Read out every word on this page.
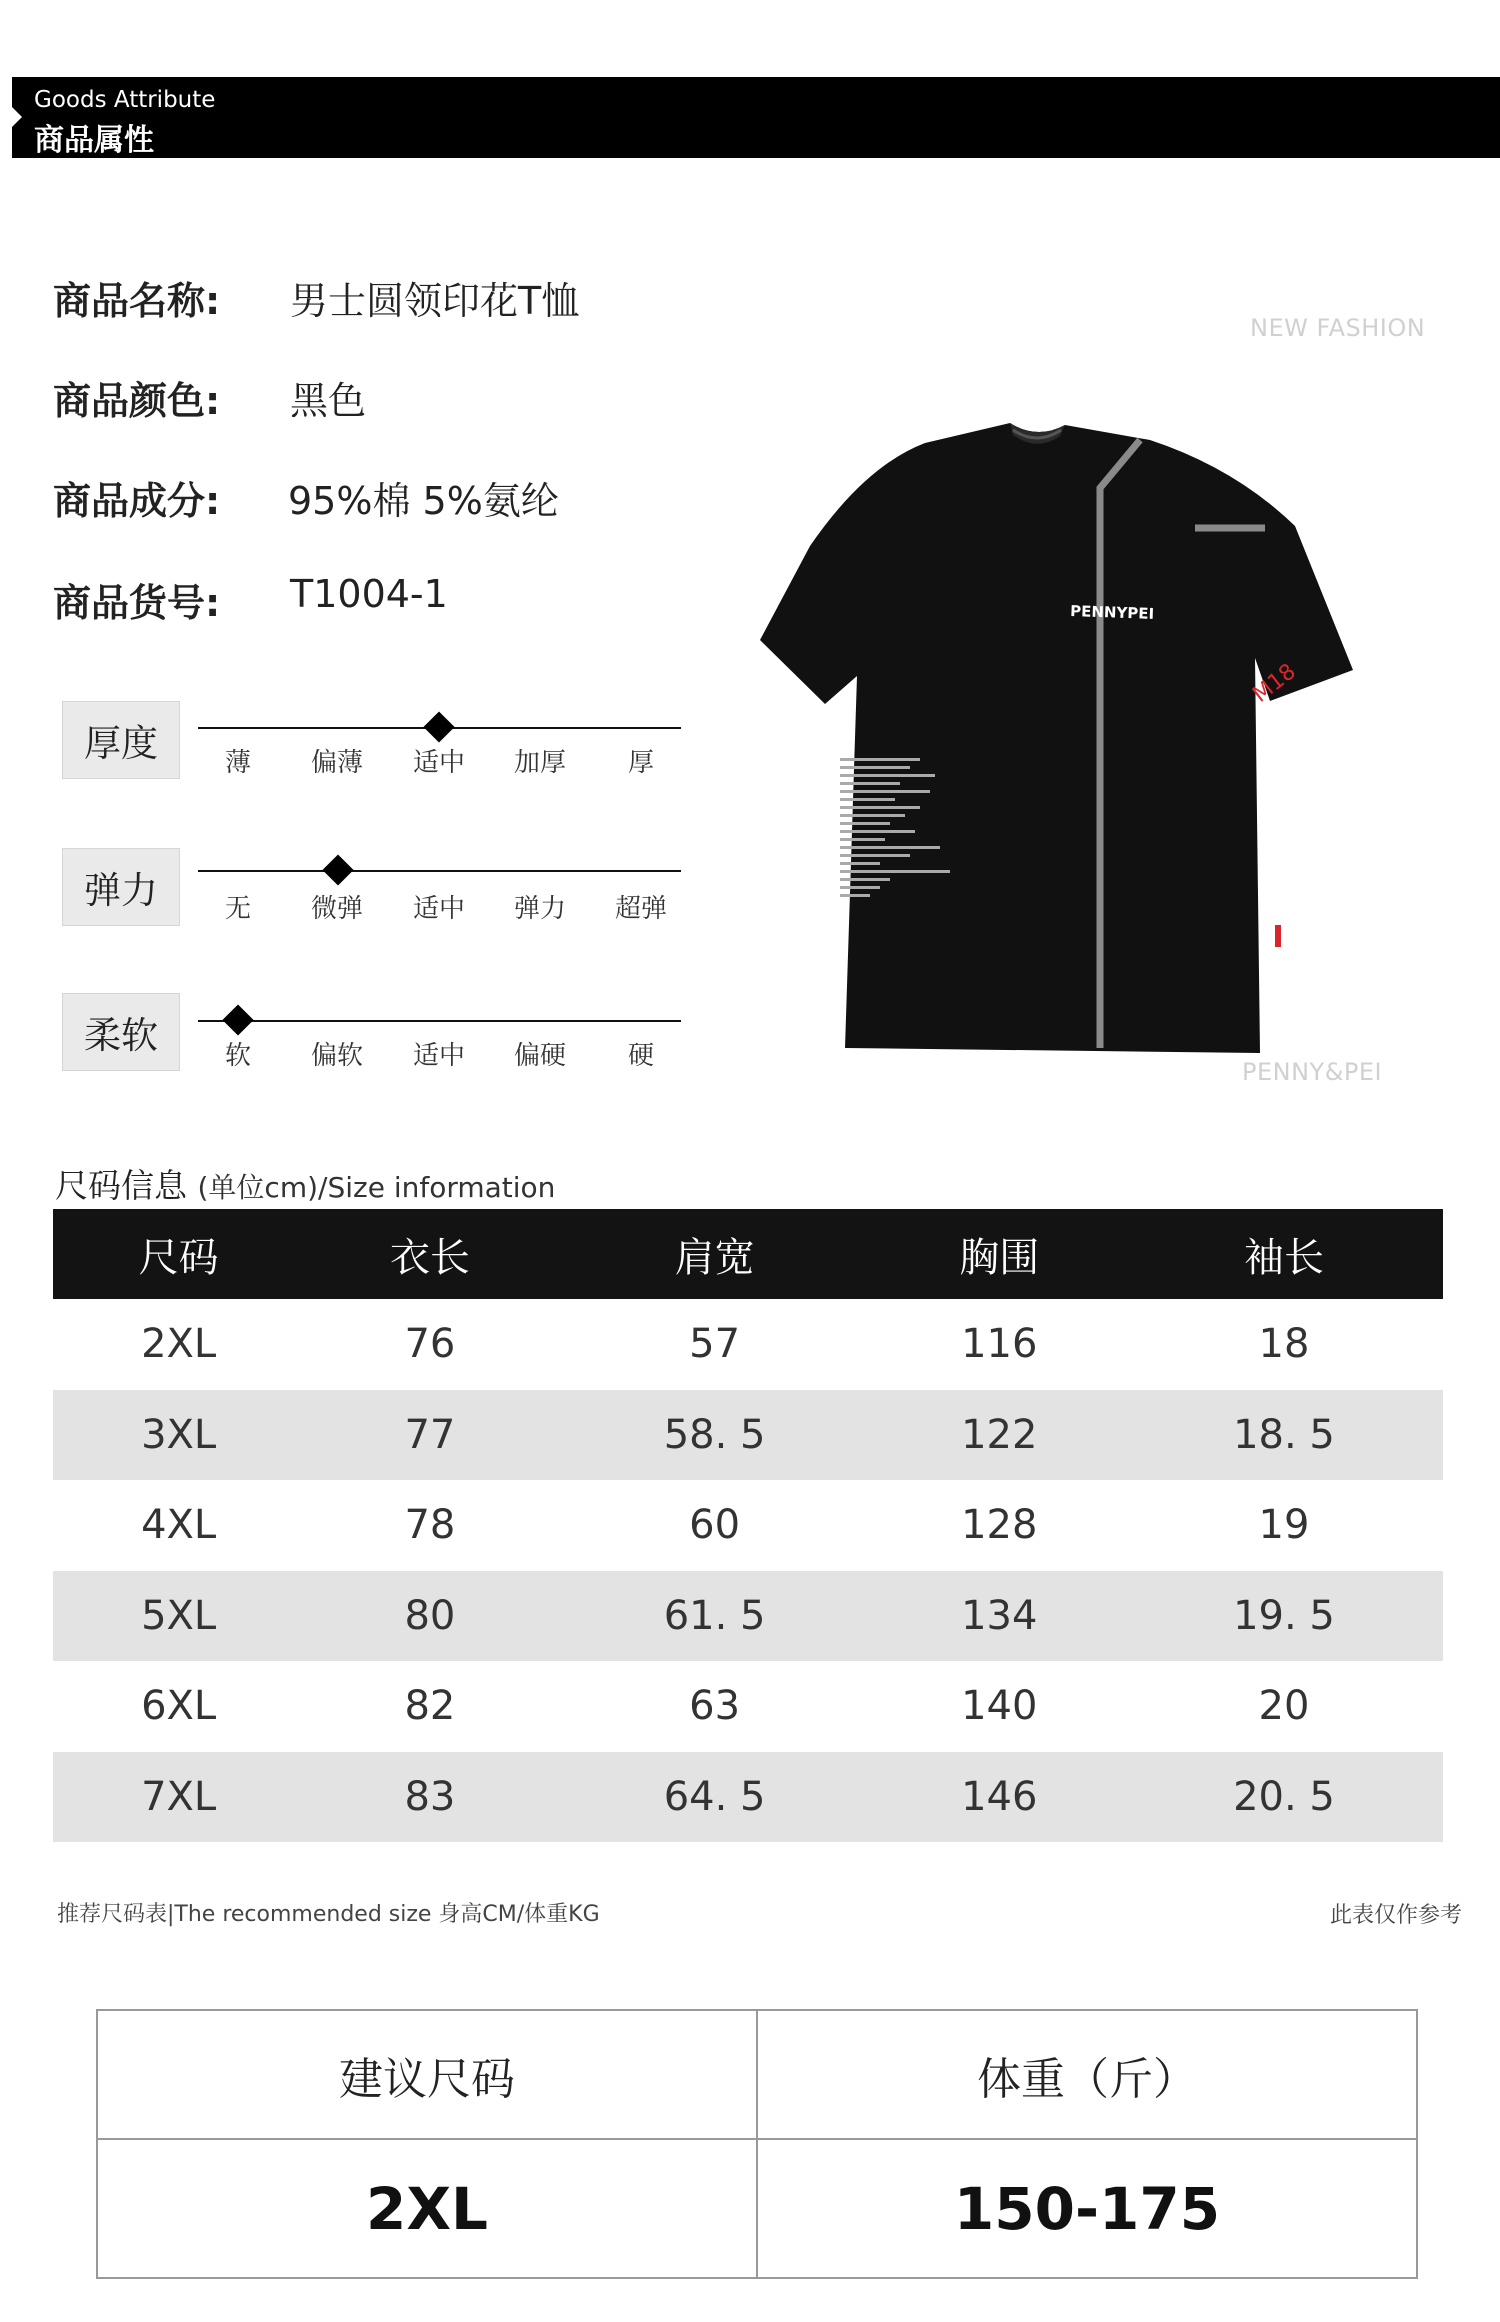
Goods Attribute
商品属性
商品名称: 男士圆领印花T恤
商品颜色: 黑色
商品成分: 95%棉 5%氨纶
商品货号: T1004-1
厚度	薄	偏薄	适中	加厚	厚
弹力	无	微弹	适中	弹力	超弹
柔软	软	偏软	适中	偏硬	硬
NEW FASHION
PENNY&PEI
PENNYPEI
M18
尺码信息 (单位cm)/Size information
尺码	衣长	肩宽	胸围	袖长
2XL	76	57	116	18
3XL	77	58. 5	122	18. 5
4XL	78	60	128	19
5XL	80	61. 5	134	19. 5
6XL	82	63	140	20
7XL	83	64. 5	146	20. 5
推荐尺码表|The recommended size 身高CM/体重KG	此表仅作参考
建议尺码	体重（斤）
2XL	150-175
